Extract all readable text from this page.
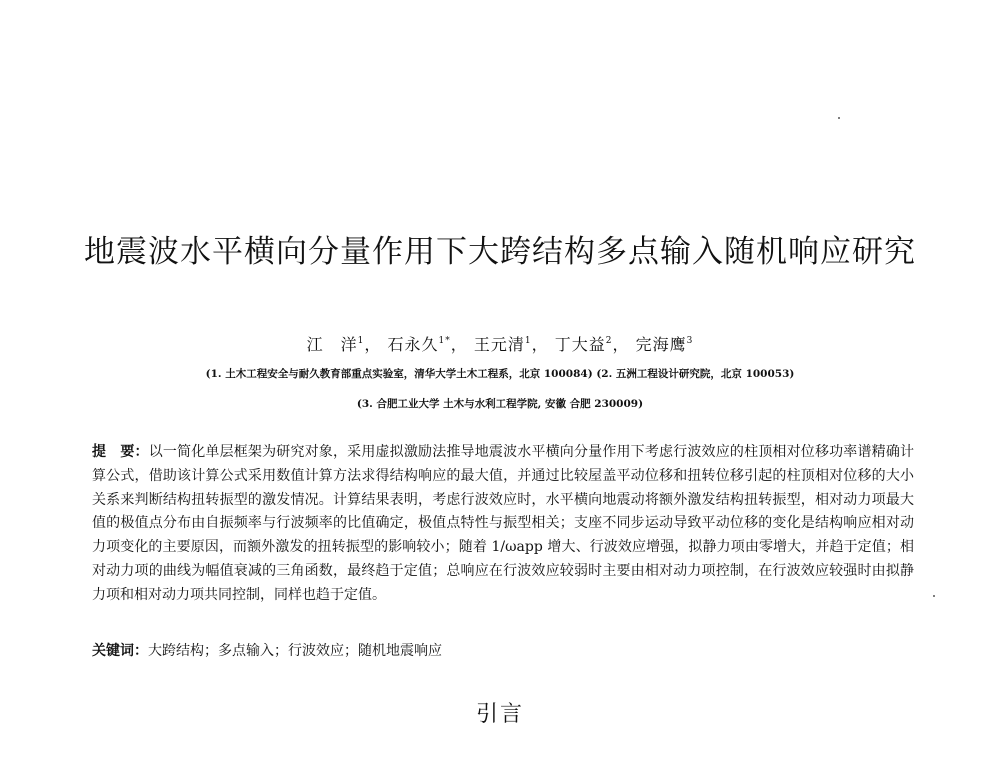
地震波水平横向分量作用下大跨结构多点输入随机响应研究
江　洋$^1$， 石永久$^{1*}$， 王元清$^1$， 丁大益$^2$， 完海鹰$^3$
(1. 土木工程安全与耐久教育部重点实验室，清华大学土木工程系，北京 100084) (2. 五洲工程设计研究院，北京 100053)
(3. 合肥工业大学 土木与水利工程学院, 安徽 合肥 230009)

提　要：以一简化单层框架为研究对象，采用虚拟激励法推导地震波水平横向分量作用下考虑行波效应的柱顶相对位移功率谱精确计算公式，借助该计算公式采用数值计算方法求得结构响应的最大值，并通过比较屋盖平动位移和扭转位移引起的柱顶相对位移的大小关系来判断结构扭转振型的激发情况。计算结果表明，考虑行波效应时，水平横向地震动将额外激发结构扭转振型，相对动力项最大值的极值点分布由自振频率与行波频率的比值确定，极值点特性与振型相关；支座不同步运动导致平动位移的变化是结构响应相对动力项变化的主要原因，而额外激发的扭转振型的影响较小；随着 1/ωapp 增大、行波效应增强，拟静力项由零增大，并趋于定值；相对动力项的曲线为幅值衰减的三角函数，最终趋于定值；总响应在行波效应较弱时主要由相对动力项控制，在行波效应较强时由拟静力项和相对动力项共同控制，同样也趋于定值。

关键词：大跨结构；多点输入；行波效应；随机地震响应
引言
